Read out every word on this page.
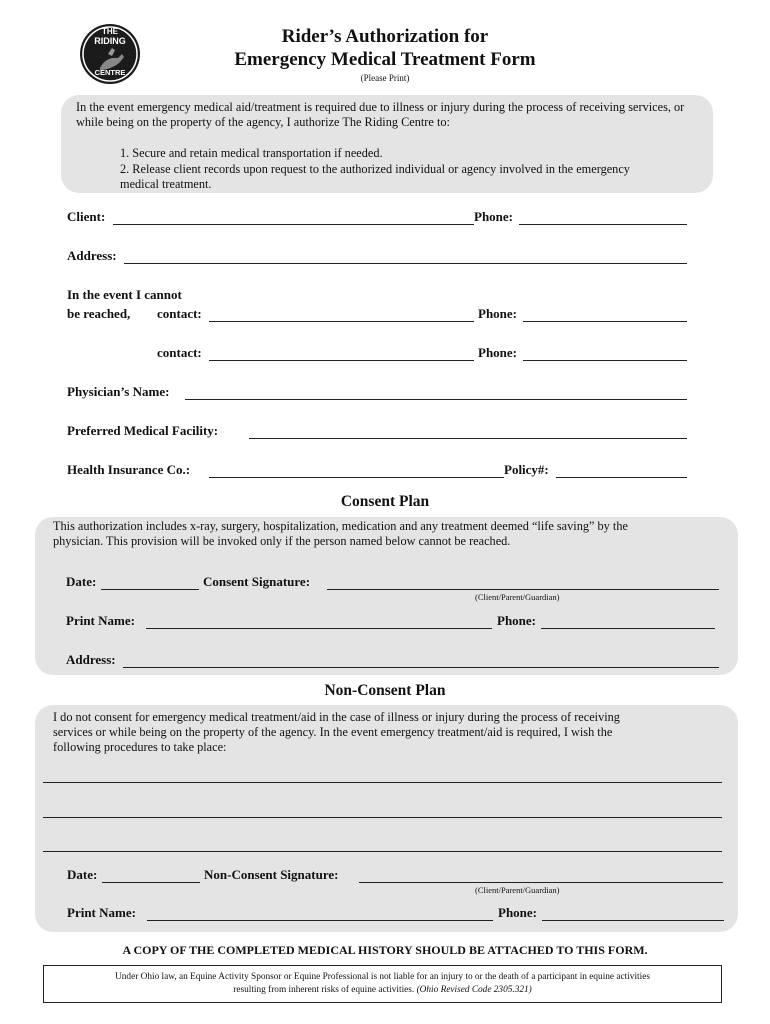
THE
RIDING
CENTRE
Rider’s Authorization for
Emergency Medical Treatment Form
(Please Print)
In the event emergency medical aid/treatment is required due to illness or injury during the process of receiving services, or while being on the property of the agency, I authorize The Riding Centre to:
1. Secure and retain medical transportation if needed.
2. Release client records upon request to the authorized individual or agency involved in the emergency
medical treatment.
Client:	Phone:
Address:
In the event I cannot
be reached, contact:	Phone:
contact:	Phone:
Physician’s Name:
Preferred Medical Facility:
Health Insurance Co.:	Policy#:
Consent Plan
This authorization includes x-ray, surgery, hospitalization, medication and any treatment deemed “life saving” by the
physician. This provision will be invoked only if the person named below cannot be reached.
Date:	Consent Signature:
(Client/Parent/Guardian)
Print Name:	Phone:
Address:
Non-Consent Plan
I do not consent for emergency medical treatment/aid in the case of illness or injury during the process of receiving
services or while being on the property of the agency. In the event emergency treatment/aid is required, I wish the
following procedures to take place:
Date:	Non-Consent Signature:
(Client/Parent/Guardian)
Print Name:	Phone:
A COPY OF THE COMPLETED MEDICAL HISTORY SHOULD BE ATTACHED TO THIS FORM.
Under Ohio law, an Equine Activity Sponsor or Equine Professional is not liable for an injury to or the death of a participant in equine activities
resulting from inherent risks of equine activities. (Ohio Revised Code 2305.321)
